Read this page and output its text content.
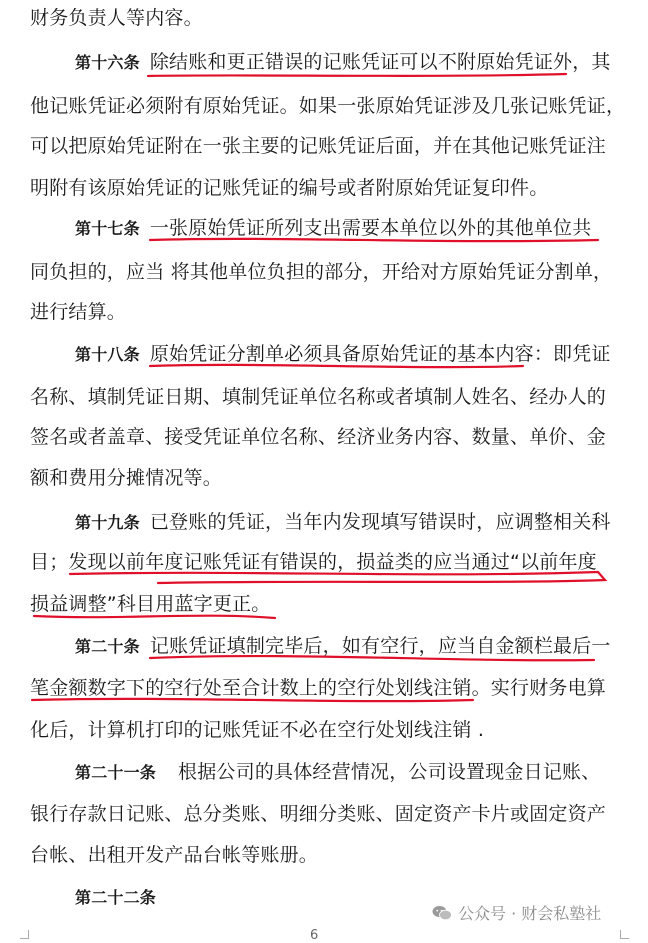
财务负责人等内容。
第十六条 除结账和更正错误的记账凭证可以不附原始凭证外，其
他记账凭证必须附有原始凭证。如果一张原始凭证涉及几张记账凭证，
可以把原始凭证附在一张主要的记账凭证后面，并在其他记账凭证注
明附有该原始凭证的记账凭证的编号或者附原始凭证复印件。
第十七条 一张原始凭证所列支出需要本单位以外的其他单位共
同负担的，应当 将其他单位负担的部分，开给对方原始凭证分割单，
进行结算。
第十八条 原始凭证分割单必须具备原始凭证的基本内容：即凭证
名称、填制凭证日期、填制凭证单位名称或者填制人姓名、经办人的
签名或者盖章、接受凭证单位名称、经济业务内容、数量、单价、金
额和费用分摊情况等。
第十九条 已登账的凭证，当年内发现填写错误时，应调整相关科
目；发现以前年度记账凭证有错误的，损益类的应当通过“以前年度
损益调整”科目用蓝字更正。
第二十条 记账凭证填制完毕后，如有空行，应当自金额栏最后一
笔金额数字下的空行处至合计数上的空行处划线注销。实行财务电算
化后，计算机打印的记账凭证不必在空行处划线注销 .
第二十一条 根据公司的具体经营情况，公司设置现金日记账、
银行存款日记账、总分类账、明细分类账、固定资产卡片或固定资产
台帐、出租开发产品台帐等账册。
第二十二条
6
公众号 · 财会私塾社
